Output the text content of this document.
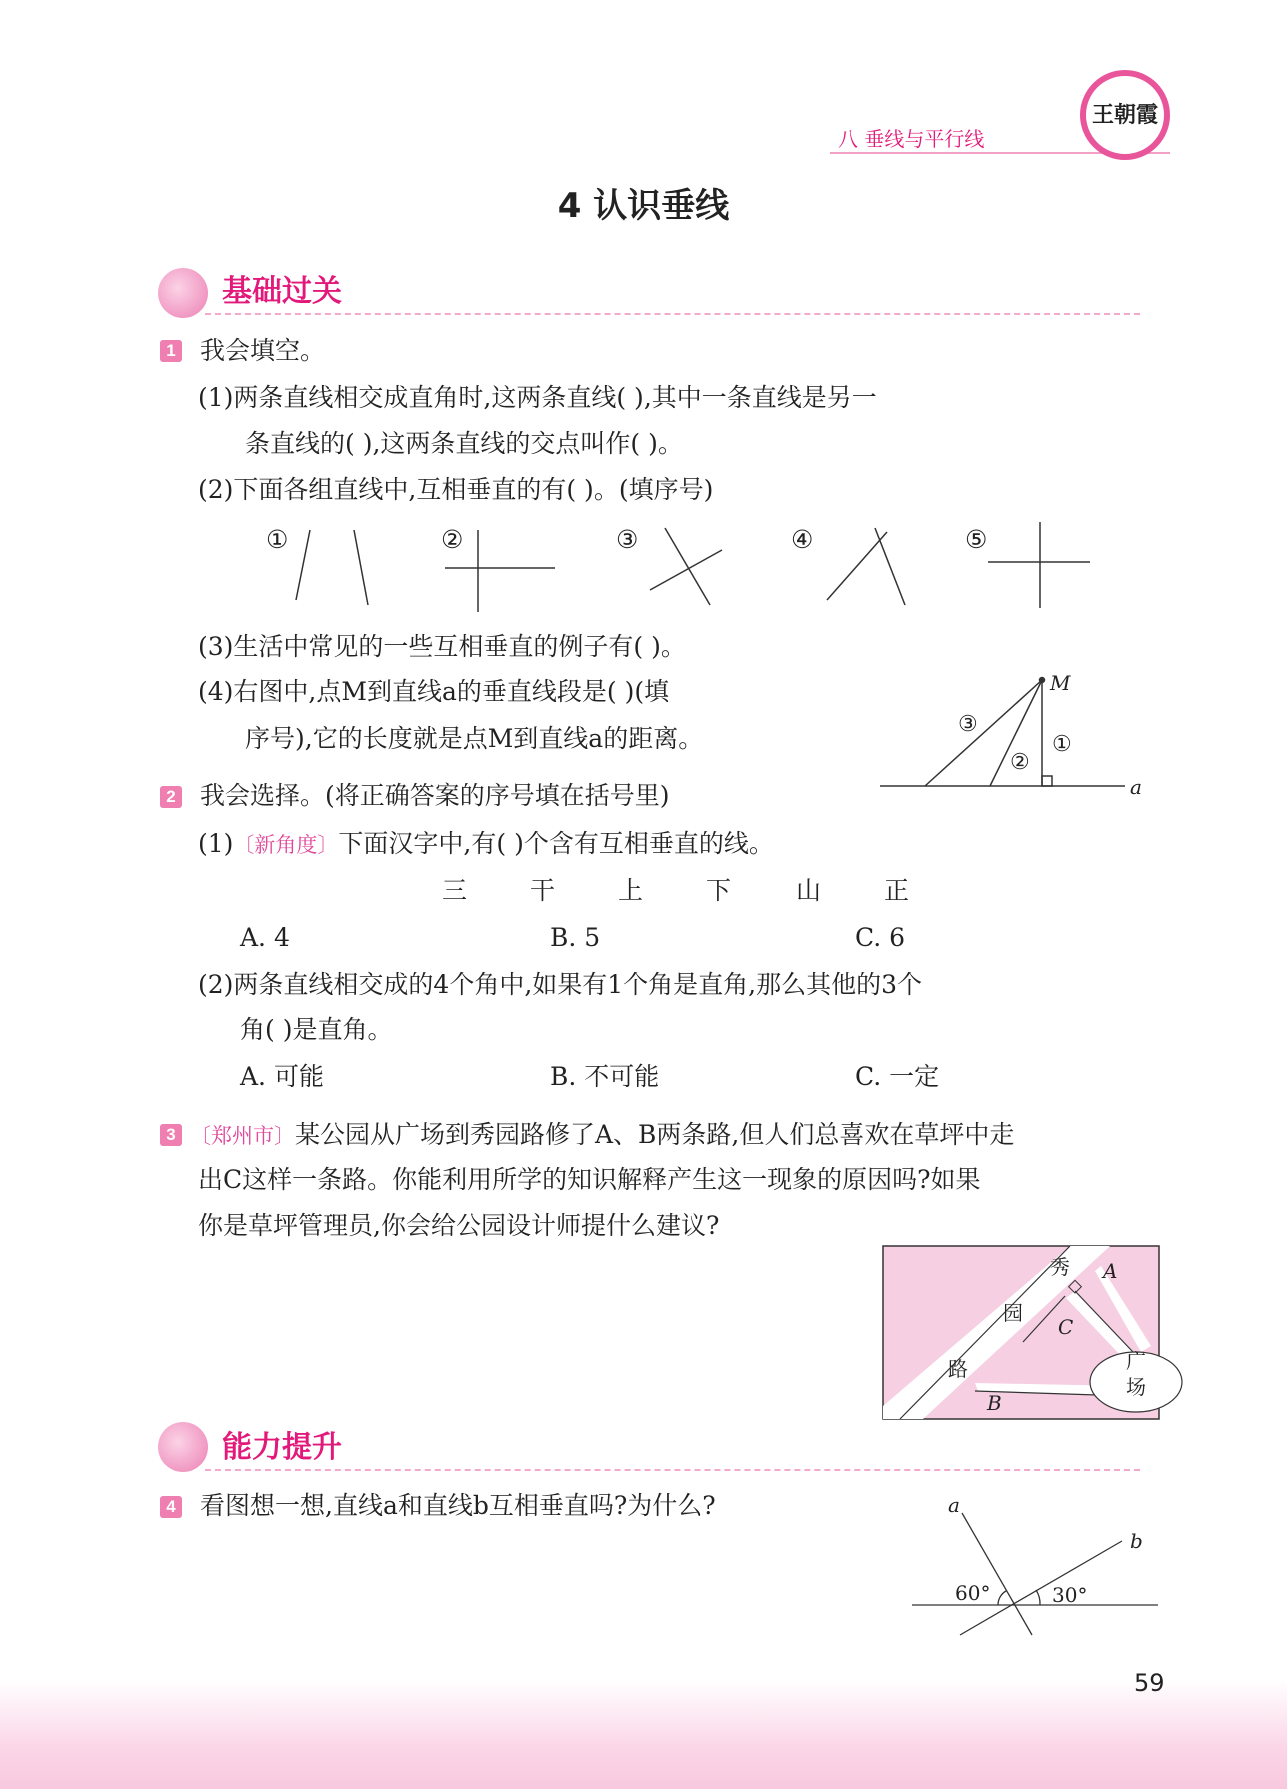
八 垂线与平行线
王朝霞
4 认识垂线
基础过关
1 我会填空。
(1)两条直线相交成直角时,这两条直线( ),其中一条直线是另一
条直线的( ),这两条直线的交点叫作( )。
(2)下面各组直线中,互相垂直的有( )。(填序号)
①	②	③	④	⑤
(3)生活中常见的一些互相垂直的例子有( )。
(4)右图中,点M到直线a的垂直线段是( )(填
序号),它的长度就是点M到直线a的距离。
M
a
①
②
③
2 我会选择。(将正确答案的序号填在括号里)
(1)〔新角度〕下面汉字中,有( )个含有互相垂直的线。
三	干	上	下	山	正
A. 4	B. 5	C. 6
(2)两条直线相交成的4个角中,如果有1个角是直角,那么其他的3个
角( )是直角。
A. 可能	B. 不可能	C. 一定
3 〔郑州市〕某公园从广场到秀园路修了A、B两条路,但人们总喜欢在草坪中走
出C这样一条路。你能利用所学的知识解释产生这一现象的原因吗?如果
你是草坪管理员,你会给公园设计师提什么建议?
秀
园
路	广
场
A
B
C
能力提升
4 看图想一想,直线a和直线b互相垂直吗?为什么?	a
b
60°	30°
59
